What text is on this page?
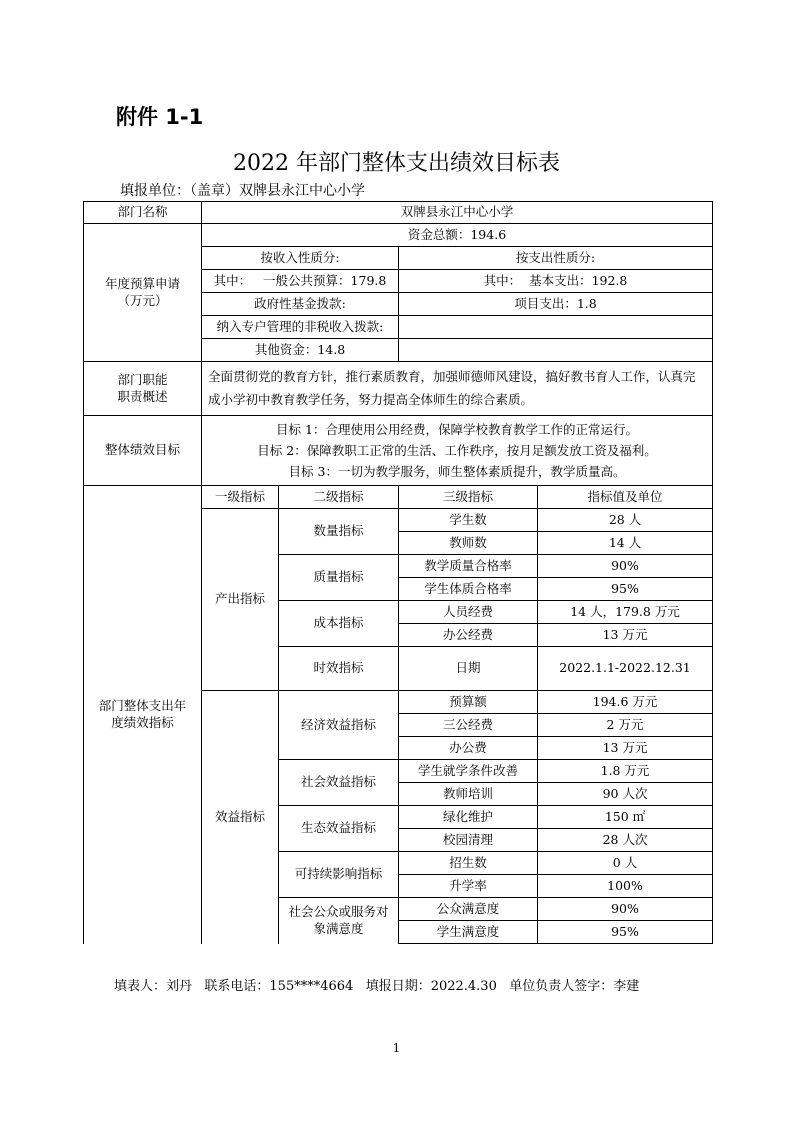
附件 1-1
2022 年部门整体支出绩效目标表
填报单位：（盖章）双牌县永江中心小学
部门名称	双牌县永江中心小学			
年度预算申请（万元）	资金总额：194.6			
	按收入性质分:		按支出性质分:	
	其中：   一般公共预算：179.8		其中：  基本支出：192.8	
	政府性基金拨款:		项目支出：1.8	
	纳入专户管理的非税收入拨款:			
	其他资金：14.8			
部门职能职责概述	全面贯彻党的教育方针，推行素质教育，加强师德师风建设，搞好教书育人工作，认真完成小学初中教育教学任务，努力提高全体师生的综合素质。			
整体绩效目标	目标 1：合理使用公用经费，保障学校教育教学工作的正常运行。
目标 2：保障教职工正常的生活、工作秩序，按月足额发放工资及福利。
目标 3：一切为教学服务，师生整体素质提升，教学质量高。			

部门整体支出年度绩效指标	一级指标	二级指标	三级指标	指标值及单位
	产出指标	数量指标	学生数	28 人
			教师数	14 人
		质量指标	教学质量合格率	90%
			学生体质合格率	95%
		成本指标	人员经费	14 人，179.8 万元
			办公经费	13 万元
		时效指标	日期	2022.1.1-2022.12.31
	效益指标	经济效益指标	预算额	194.6 万元
			三公经费	2 万元
			办公费	13 万元
		社会效益指标	学生就学条件改善	1.8 万元
			教师培训	90 人次
		生态效益指标	绿化维护	150 ㎡
			校园清理	28 人次
		可持续影响指标	招生数	0 人
			升学率	100%
		社会公众或服务对象满意度	公众满意度	90%
			学生满意度	95%
填表人：刘丹   联系电话：155****4664   填报日期：2022.4.30   单位负责人签字：李建
1
